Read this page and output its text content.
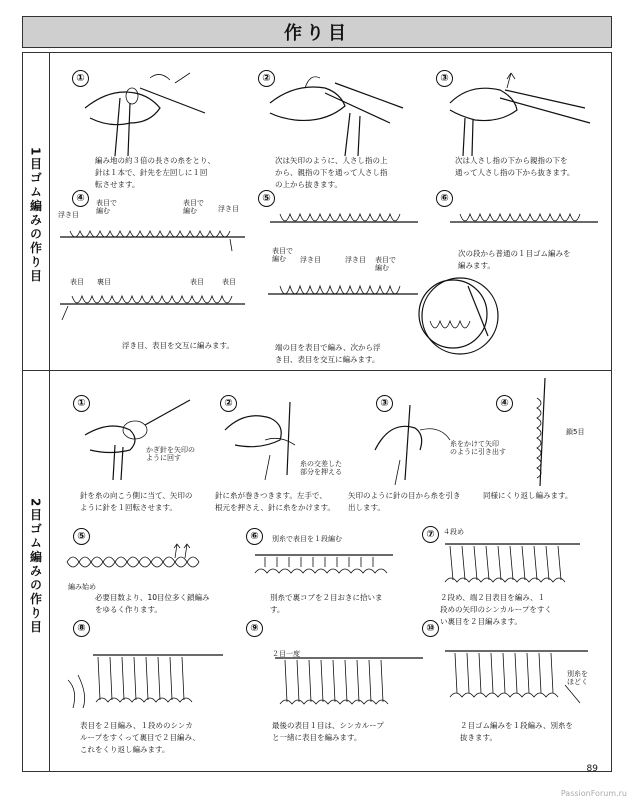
作り目
1目ゴム編みの作り目
2目ゴム編みの作り目
①
編み地の約３倍の長さの糸をとり、
針は１本で、針先を左回しに１回
転させます。
②
次は矢印のように、人さし指の上
から、親指の下を通って人さし指
の上から抜きます。
③
次は人さし指の下から親指の下を
通って人さし指の下から抜きます。
④
浮き目
表目で
編む
表目で
編む	浮き目
表目 裏目	表目	表目
浮き目、表目を交互に編みます。
⑤
表目で
編む	浮き目	浮き目 表目で
編む
端の目を表目で編み、次から浮
き目、表目を交互に編みます。
⑥
次の段から普通の１目ゴム編みを
編みます。
①
かぎ針を矢印の
ように回す
針を糸の向こう側に当て、矢印の
ように針を１回転させます。
②
糸の交差した
部分を押える
針に糸が巻きつきます。左手で、
根元を押さえ、針に糸をかけます。
③
糸をかけて矢印
のように引き出す
矢印のように針の目から糸を引き
出します。
④
鎖5目
同様にくり返し編みます。
⑤
編み始め
必要目数より、10目位多く鎖編み
をゆるく作ります。
⑥	別糸で表目を１段編む
別糸で裏コブを２目おきに拾いま
す。
⑦	４段め
２段め、端２目表目を編み、１
段めの矢印のシンカループをすく
い裏目を２目編みます。
⑧
表目を２目編み、１段めのシンカ
ループをすくって裏目で２目編み、
これをくり返し編みます。
⑨
２目一度
最後の表目１目は、シンカループ
と一緒に表目を編みます。
⑩
別糸を
ほどく
２目ゴム編みを１段編み、別糸を
抜きます。
89
PassionForum.ru
